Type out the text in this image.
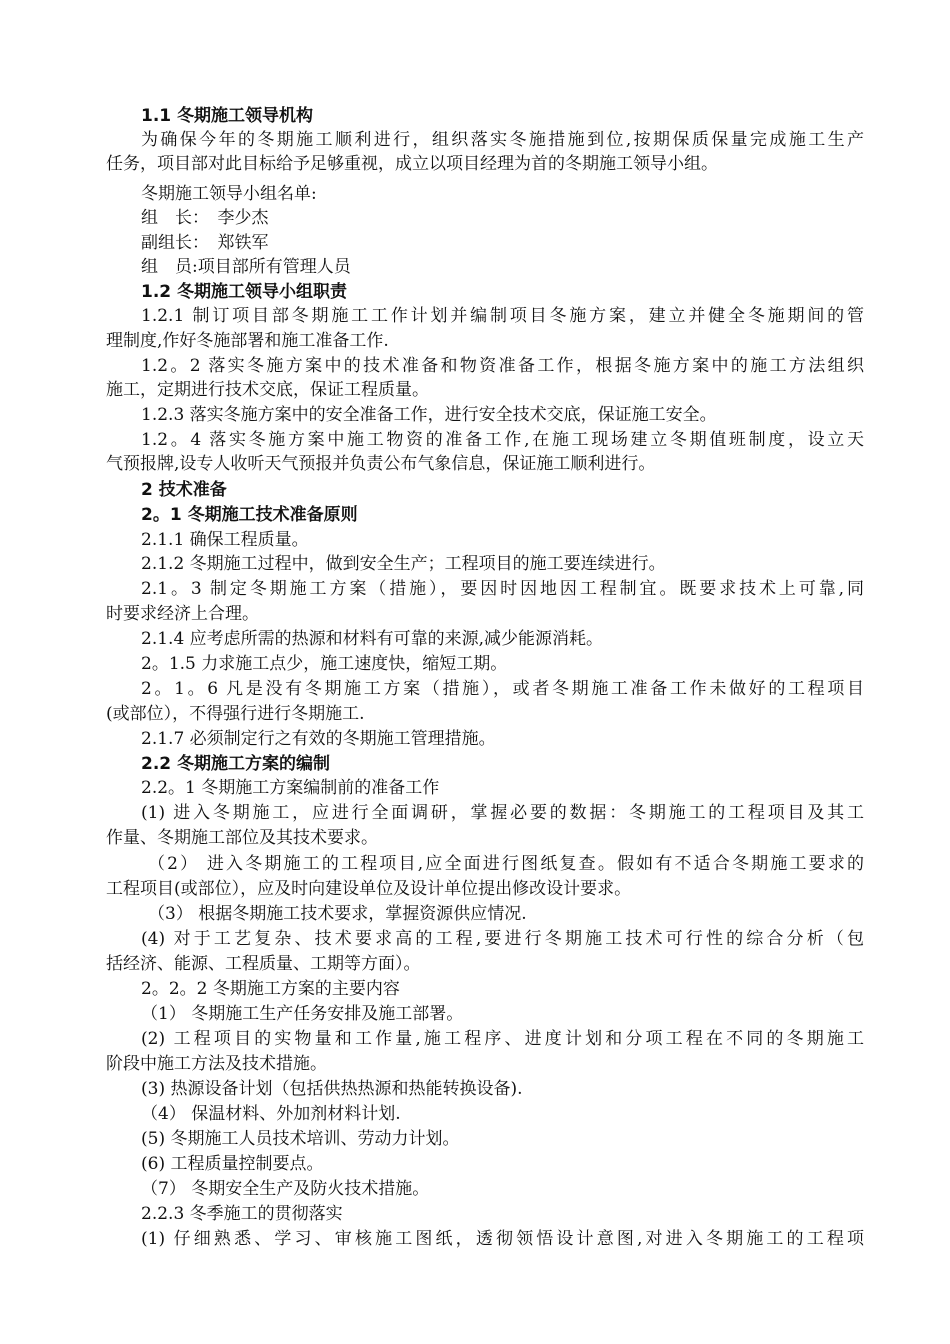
1.1 冬期施工领导机构
为确保今年的冬期施工顺利进行，组织落实冬施措施到位,按期保质保量完成施工生产
任务，项目部对此目标给予足够重视，成立以项目经理为首的冬期施工领导小组。
冬期施工领导小组名单:
组　长：　李少杰
副组长：　郑铁军
组　员:项目部所有管理人员
1.2 冬期施工领导小组职责
1.2.1 制订项目部冬期施工工作计划并编制项目冬施方案，建立并健全冬施期间的管
理制度,作好冬施部署和施工准备工作.
1.2。2 落实冬施方案中的技术准备和物资准备工作，根据冬施方案中的施工方法组织
施工，定期进行技术交底，保证工程质量。
1.2.3 落实冬施方案中的安全准备工作，进行安全技术交底，保证施工安全。
1.2。4 落实冬施方案中施工物资的准备工作,在施工现场建立冬期值班制度，设立天
气预报牌,设专人收听天气预报并负责公布气象信息，保证施工顺利进行。
2 技术准备
2。1 冬期施工技术准备原则
2.1.1 确保工程质量。
2.1.2 冬期施工过程中，做到安全生产；工程项目的施工要连续进行。
2.1。3 制定冬期施工方案（措施），要因时因地因工程制宜。既要求技术上可靠,同
时要求经济上合理。
2.1.4 应考虑所需的热源和材料有可靠的来源,减少能源消耗。
2。1.5 力求施工点少，施工速度快，缩短工期。
2。1。6 凡是没有冬期施工方案（措施），或者冬期施工准备工作未做好的工程项目
(或部位），不得强行进行冬期施工.
2.1.7 必须制定行之有效的冬期施工管理措施。
2.2 冬期施工方案的编制
2.2。1 冬期施工方案编制前的准备工作
(1) 进入冬期施工，应进行全面调研，掌握必要的数据：冬期施工的工程项目及其工
作量、冬期施工部位及其技术要求。
（2） 进入冬期施工的工程项目,应全面进行图纸复查。假如有不适合冬期施工要求的
工程项目(或部位），应及时向建设单位及设计单位提出修改设计要求。
（3） 根据冬期施工技术要求，掌握资源供应情况.
(4) 对于工艺复杂、技术要求高的工程,要进行冬期施工技术可行性的综合分析（包
括经济、能源、工程质量、工期等方面）。
2。2。2 冬期施工方案的主要内容
（1） 冬期施工生产任务安排及施工部署。
(2) 工程项目的实物量和工作量,施工程序、进度计划和分项工程在不同的冬期施工
阶段中施工方法及技术措施。
(3) 热源设备计划（包括供热热源和热能转换设备).
（4） 保温材料、外加剂材料计划.
(5) 冬期施工人员技术培训、劳动力计划。
(6) 工程质量控制要点。
（7） 冬期安全生产及防火技术措施。
2.2.3 冬季施工的贯彻落实
(1) 仔细熟悉、学习、审核施工图纸，透彻领悟设计意图,对进入冬期施工的工程项
